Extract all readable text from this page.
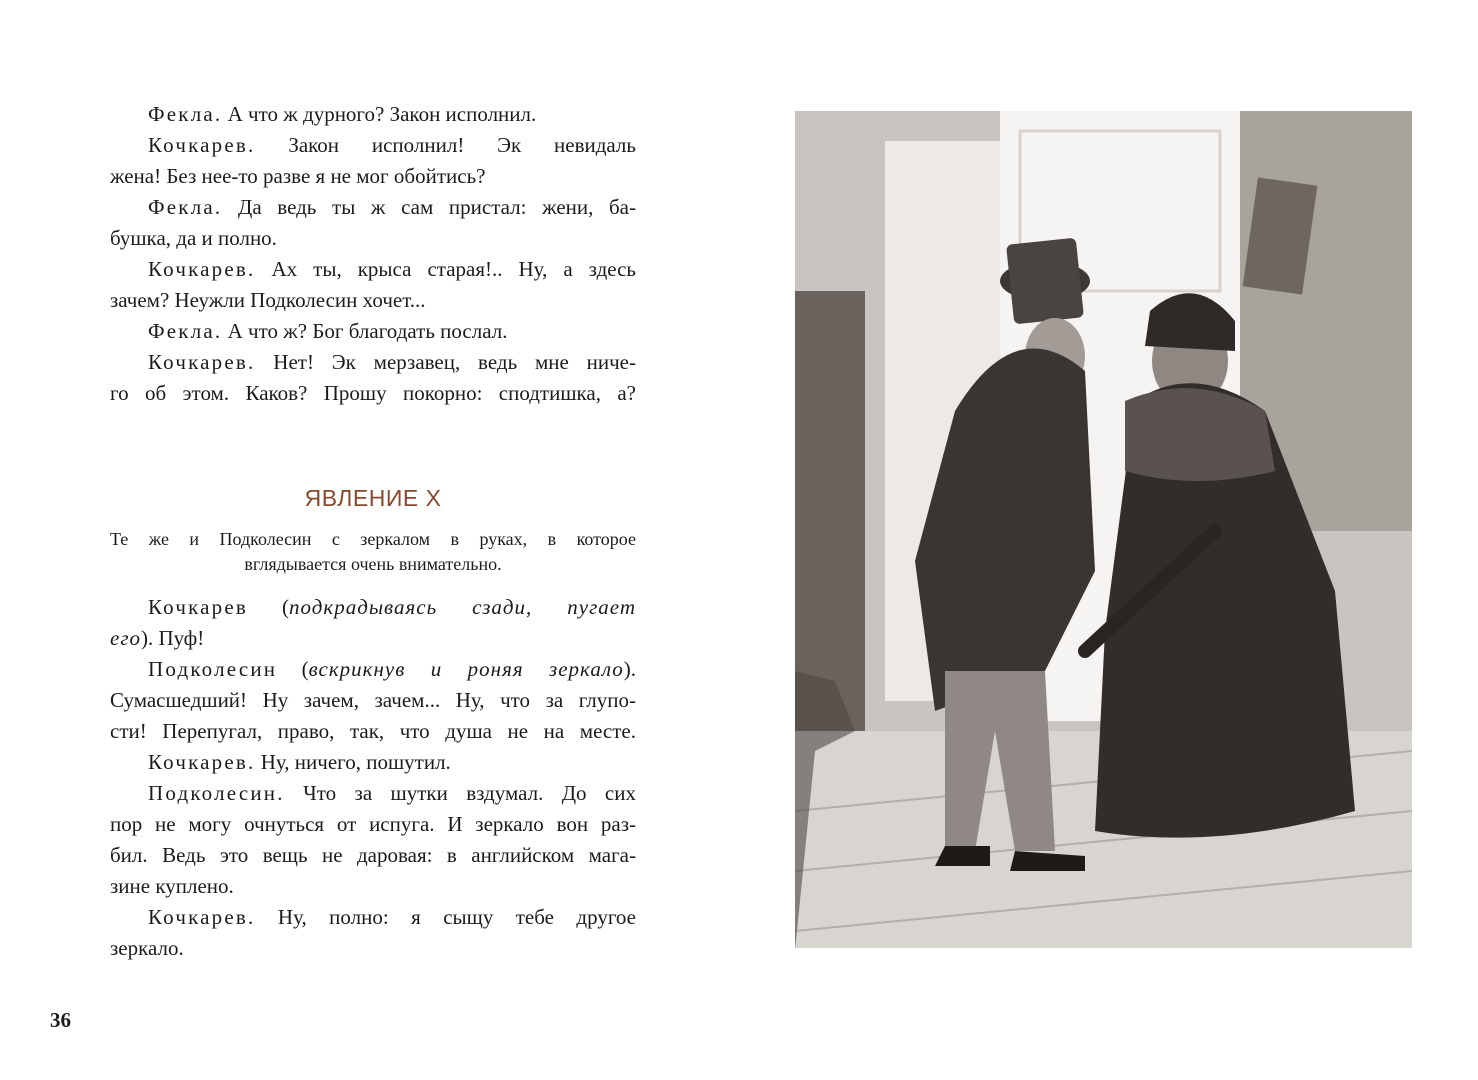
Фекла. А что ж дурного? Закон исполнил.
Кочкарев. Закон исполнил! Эк невидаль
жена! Без нее-то разве я не мог обойтись?
Фекла. Да ведь ты ж сам пристал: жени, ба-
бушка, да и полно.
Кочкарев. Ах ты, крыса старая!.. Ну, а здесь
зачем? Неужли Подколесин хочет...
Фекла. А что ж? Бог благодать послал.
Кочкарев. Нет! Эк мерзавец, ведь мне ниче-
го об этом. Каков? Прошу покорно: сподтишка, а?
ЯВЛЕНИЕ X
Те же и Подколесин с зеркалом в руках, в которое
вглядывается очень внимательно.
Кочкарев (подкрадываясь сзади, пугает
его). Пуф!
Подколесин (вскрикнув и роняя зеркало).
Сумасшедший! Ну зачем, зачем... Ну, что за глупо-
сти! Перепугал, право, так, что душа не на месте.
Кочкарев. Ну, ничего, пошутил.
Подколесин. Что за шутки вздумал. До сих
пор не могу очнуться от испуга. И зеркало вон раз-
бил. Ведь это вещь не даровая: в английском мага-
зине куплено.
Кочкарев. Ну, полно: я сыщу тебе другое
зеркало.
36
